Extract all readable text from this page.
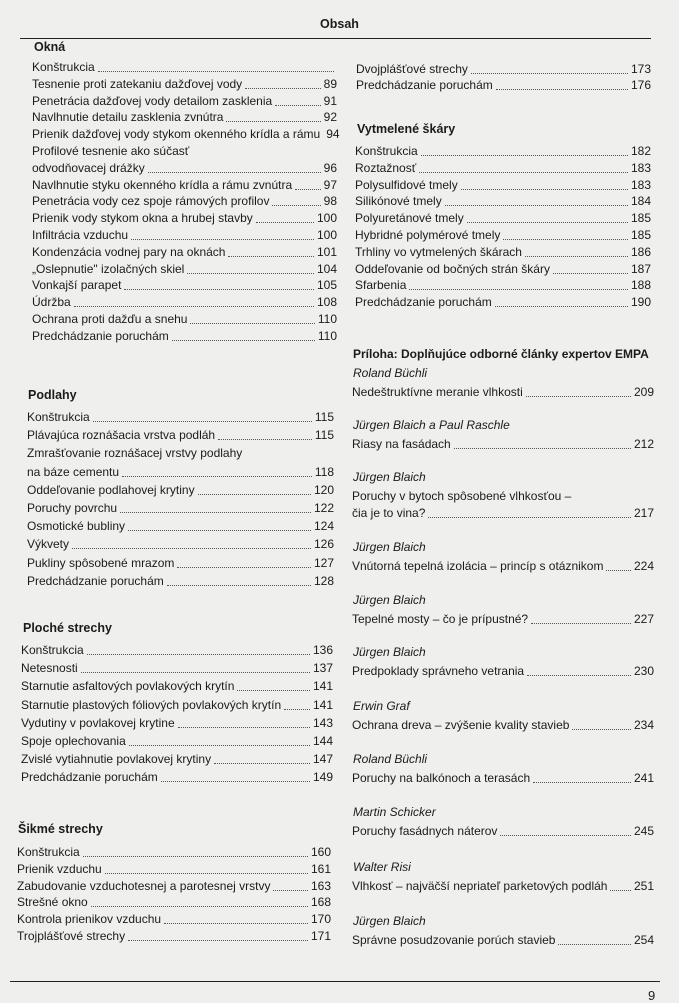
Obsah
Okná
Konštrukcia
Tesnenie proti zatekaniu dažďovej vody	89
Penetrácia dažďovej vody detailom zasklenia	91
Navlhnutie detailu zasklenia zvnútra	92
Prienik dažďovej vody stykom okenného krídla a rámu 94
Profilové tesnenie ako súčasť
odvodňovacej drážky	96
Navlhnutie styku okenného krídla a rámu zvnútra	97
Penetrácia vody cez spoje rámových profilov	98
Prienik vody stykom okna a hrubej stavby	100
Infiltrácia vzduchu	100
Kondenzácia vodnej pary na oknách	101
„Oslepnutie" izolačných skiel	104
Vonkajší parapet	105
Údržba	108
Ochrana proti dažďu a snehu	110
Predchádzanie poruchám	110
Podlahy
Konštrukcia	115
Plávajúca roznášacia vrstva podláh	115
Zmrašťovanie roznášacej vrstvy podlahy
na báze cementu	118
Oddeľovanie podlahovej krytiny	120
Poruchy povrchu	122
Osmotické bubliny	124
Výkvety	126
Pukliny spôsobené mrazom	127
Predchádzanie poruchám	128
Ploché strechy
Konštrukcia	136
Netesnosti	137
Starnutie asfaltových povlakových krytín	141
Starnutie plastových fóliových povlakových krytín	141
Vydutiny v povlakovej krytine	143
Spoje oplechovania	144
Zvislé vytiahnutie povlakovej krytiny	147
Predchádzanie poruchám	149
Šikmé strechy
Konštrukcia	160
Prienik vzduchu	161
Zabudovanie vzduchotesnej a parotesnej vrstvy	163
Strešné okno	168
Kontrola prienikov vzduchu	170
Trojplášťové strechy	171
Dvojplášťové strechy	173
Predchádzanie poruchám	176
Vytmelené škáry
Konštrukcia	182
Roztažnosť	183
Polysulfidové tmely	183
Silikónové tmely	184
Polyuretánové tmely	185
Hybridné polymérové tmely	185
Trhliny vo vytmelených škárach	186
Oddeľovanie od bočných strán škáry	187
Sfarbenia	188
Predchádzanie poruchám	190
Príloha: Doplňujúce odborné články expertov EMPA
Roland Büchli
Nedeštruktívne meranie vlhkosti	209
Jürgen Blaich a Paul Raschle
Riasy na fasádach	212
Jürgen Blaich
Poruchy v bytoch spôsobené vlhkosťou –
čia je to vina?	217
Jürgen Blaich
Vnútorná tepelná izolácia – princíp s otáznikom	224
Jürgen Blaich
Tepelné mosty – čo je prípustné?	227
Jürgen Blaich
Predpoklady správneho vetrania	230
Erwin Graf
Ochrana dreva – zvýšenie kvality stavieb	234
Roland Büchli
Poruchy na balkónoch a terasách	241
Martin Schicker
Poruchy fasádnych náterov	245
Walter Risi
Vlhkosť – najväčší nepriateľ parketových podláh 251
Jürgen Blaich
Správne posudzovanie porúch stavieb	254
9
